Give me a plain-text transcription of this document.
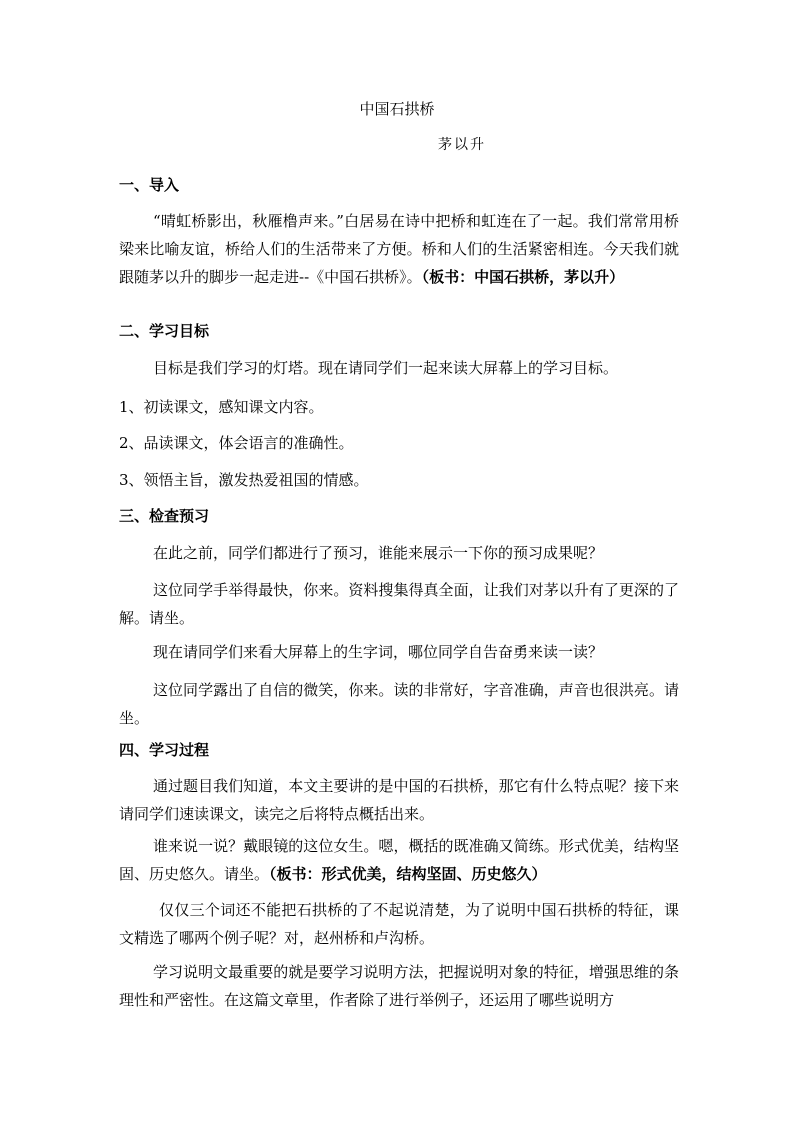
中国石拱桥
茅以升
一、导入

“晴虹桥影出，秋雁橹声来。”白居易在诗中把桥和虹连在了一起。我们常常用桥梁来比喻友谊，桥给人们的生活带来了方便。桥和人们的生活紧密相连。今天我们就跟随茅以升的脚步一起走进--《中国石拱桥》。（板书：中国石拱桥，茅以升）

二、学习目标

目标是我们学习的灯塔。现在请同学们一起来读大屏幕上的学习目标。

1、初读课文，感知课文内容。
2、品读课文，体会语言的准确性。
3、领悟主旨，激发热爱祖国的情感。
三、检查预习

在此之前，同学们都进行了预习，谁能来展示一下你的预习成果呢？

这位同学手举得最快，你来。资料搜集得真全面，让我们对茅以升有了更深的了解。请坐。

现在请同学们来看大屏幕上的生字词，哪位同学自告奋勇来读一读？

这位同学露出了自信的微笑，你来。读的非常好，字音准确，声音也很洪亮。请坐。

四、学习过程

通过题目我们知道，本文主要讲的是中国的石拱桥，那它有什么特点呢？接下来请同学们速读课文，读完之后将特点概括出来。

谁来说一说？戴眼镜的这位女生。嗯，概括的既准确又简练。形式优美，结构坚固、历史悠久。请坐。（板书：形式优美，结构坚固、历史悠久）

仅仅三个词还不能把石拱桥的了不起说清楚，为了说明中国石拱桥的特征，课文精选了哪两个例子呢？对，赵州桥和卢沟桥。

学习说明文最重要的就是要学习说明方法，把握说明对象的特征，增强思维的条理性和严密性。在这篇文章里，作者除了进行举例子，还运用了哪些说明方
